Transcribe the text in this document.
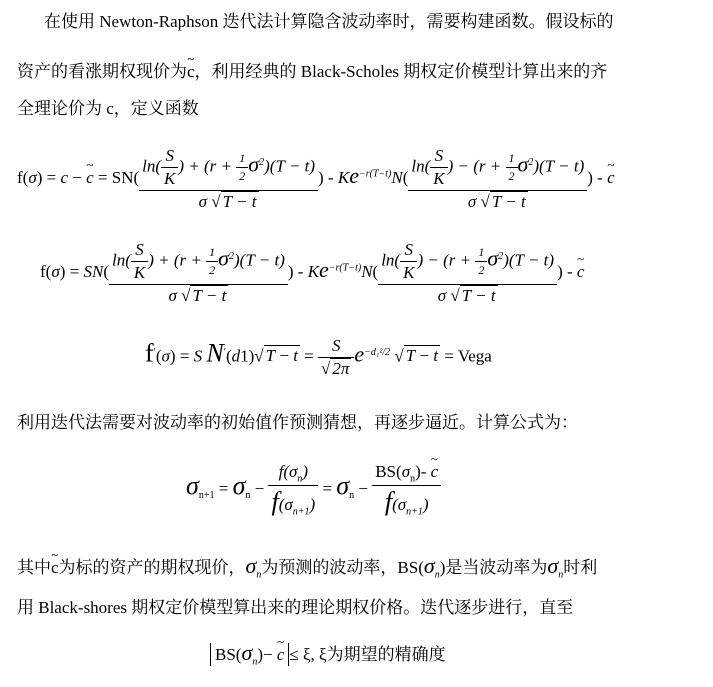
在使用 Newton-Raphson 迭代法计算隐含波动率时，需要构建函数。假设标的
资产的看涨期权现价为~ c，利用经典的 Black-Scholes 期权定价模型计算出来的齐
全理论价为 c，定义函数
f(σ) = c − ~ $c = SN( \frac{\ln( \frac{S}{K} ) + (r + \frac{1}{2} \sigma^2)(T - t)}{\sigma √ T - t}$ ) - $Ke^{-r(T-t)}N( \frac{\ln( \frac{S}{K} ) - (r + \frac{1}{2} \sigma^2)(T - t)}{\sigma √ T - t}$ ) - ~ c
$f(\sigma) = SN( \frac{\ln( \frac{S}{K} ) + (r + \frac{1}{2} \sigma^2)(T - t)}{\sigma √ T - t}$ ) - $Ke^{-r(T-t)}N( \frac{\ln( \frac{S}{K} ) - (r + \frac{1}{2} \sigma^2)(T - t)}{\sigma √ T - t}$ ) - ~ c
f′(σ) = S N′(d1)√ $T - t = \frac{S}{√ 2\pi} e^{-d_1^2/2}$ √ T − t = Vega
利用迭代法需要对波动率的初始值作预测猜想，再逐步逼近。计算公式为：
$\sigma_{n+1} = \sigma_n - \frac{f(\sigma_n)}{f(\sigma_{n+1})} = \sigma_n - \frac{BS(\sigma_n)- \sim c}{f(\sigma_{n+1})}$
其中~ c为标的资产的期权现价，$\sigma_n$为预测的波动率，$BS(\sigma_n)$是当波动率为$\sigma_n$时利
用 Black-shores 期权定价模型算出来的理论期权价格。迭代逐步进行，直至
$BS(\sigma_n)-$ ~ c ≤ ξ, ξ为期望的精确度
